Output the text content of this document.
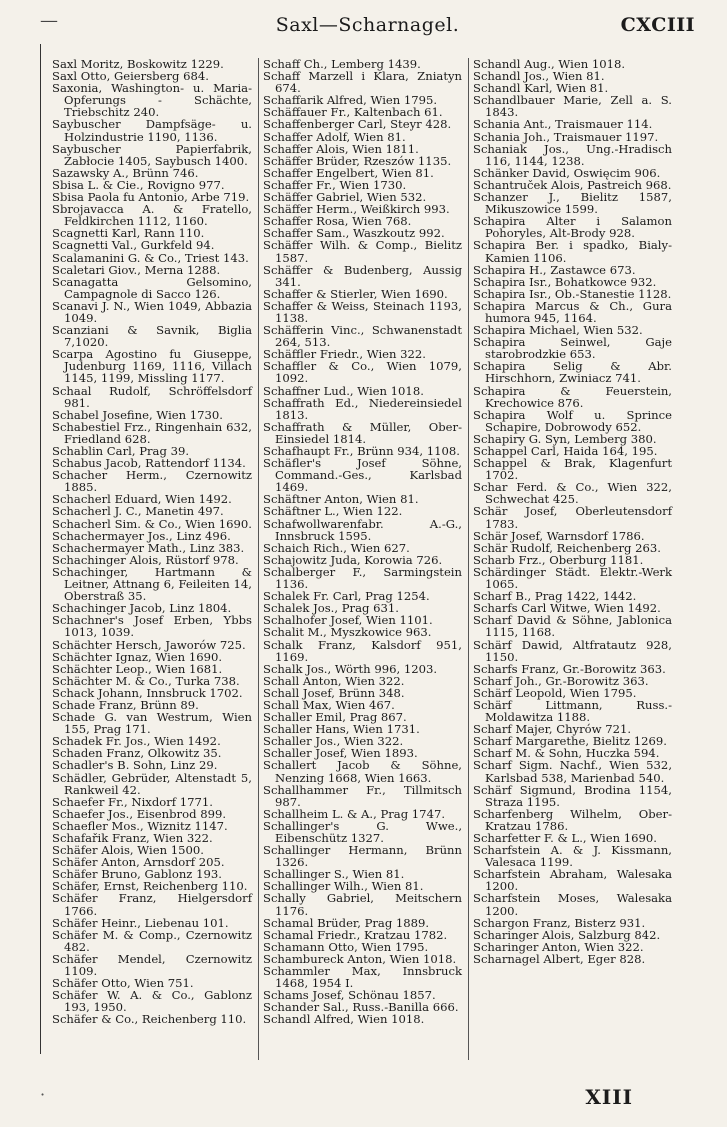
—	Saxl—Scharnagel.	CXCIII
Saxl Moritz, Boskowitz 1229.
Saxl Otto, Geiersberg 684.
Saxonia, Washington- u. Maria-Opferungs - Schächte, Triebschitz 240.
Saybuscher Dampfsäge- u. Holzindustrie 1190, 1136.
Saybuscher Papierfabrik, Zabłocie 1405, Saybusch 1400.
Sazawsky A., Brünn 746.
Sbisa L. & Cie., Rovigno 977.
Sbisa Paola fu Antonio, Arbe 719.
Sbrojavacca A. & Fratello, Feldkirchen 1112, 1160.
Scagnetti Karl, Rann 110.
Scagnetti Val., Gurkfeld 94.
Scalamanini G. & Co., Triest 143.
Scaletari Giov., Merna 1288.
Scanagatta Gelsomino, Campagnole di Sacco 126.
Scanavi J. N., Wien 1049, Abbazia 1049.
Scanziani & Savnik, Biglia 7,1020.
Scarpa Agostino fu Giuseppe, Judenburg 1169, 1116, Villach 1145, 1199, Missling 1177.
Schaal Rudolf, Schröffelsdorf 981.
Schabel Josefine, Wien 1730.
Schabestiel Frz., Ringenhain 632, Friedland 628.
Schablin Carl, Prag 39.
Schabus Jacob, Rattendorf 1134.
Schacher Herm., Czernowitz 1885.
Schacherl Eduard, Wien 1492.
Schacherl J. C., Manetin 497.
Schacherl Sim. & Co., Wien 1690.
Schachermayer Jos., Linz 496.
Schachermayer Math., Linz 383.
Schachinger Alois, Rüstorf 978.
Schachinger, Hartmann & Leitner, Attnang 6, Feileiten 14, Oberstraß 35.
Schachinger Jacob, Linz 1804.
Schachner's Josef Erben, Ybbs 1013, 1039.
Schächter Hersch, Jaworów 725.
Schächter Ignaz, Wien 1690.
Schächter Leop., Wien 1681.
Schächter M. & Co., Turka 738.
Schack Johann, Innsbruck 1702.
Schade Franz, Brünn 89.
Schade G. van Westrum, Wien 155, Prag 171.
Schadek Fr. Jos., Wien 1492.
Schaden Franz, Olkowitz 35.
Schadler's B. Sohn, Linz 29.
Schädler, Gebrüder, Altenstadt 5, Rankweil 42.
Schaefer Fr., Nixdorf 1771.
Schaefer Jos., Eisenbrod 899.
Schaefler Mos., Wiznitz 1147.
Schafařik Franz, Wien 322.
Schäfer Alois, Wien 1500.
Schäfer Anton, Arnsdorf 205.
Schäfer Bruno, Gablonz 193.
Schäfer, Ernst, Reichenberg 110.
Schäfer Franz, Hielgersdorf 1766.
Schäfer Heinr., Liebenau 101.
Schäfer M. & Comp., Czernowitz 482.
Schäfer Mendel, Czernowitz 1109.
Schäfer Otto, Wien 751.
Schäfer W. A. & Co., Gablonz 193, 1950.
Schäfer & Co., Reichenberg 110.
Schaff Ch., Lemberg 1439.
Schaff Marzell i Klara, Zniatyn 674.
Schaffarik Alfred, Wien 1795.
Schäffauer Fr., Kaltenbach 61.
Schaffenberger Carl, Steyr 428.
Schaffer Adolf, Wien 81.
Schaffer Alois, Wien 1811.
Schäffer Brüder, Rzeszów 1135.
Schaffer Engelbert, Wien 81.
Schaffer Fr., Wien 1730.
Schäffer Gabriel, Wien 532.
Schäffer Herm., Weißkirch 993.
Schaffer Rosa, Wien 768.
Schaffer Sam., Waszkoutz 992.
Schäffer Wilh. & Comp., Bielitz 1587.
Schäffer & Budenberg, Aussig 341.
Schaffer & Stierler, Wien 1690.
Schaffer & Weiss, Steinach 1193, 1138.
Schäfferin Vinc., Schwanenstadt 264, 513.
Schäffler Friedr., Wien 322.
Schaffler & Co., Wien 1079, 1092.
Schaffner Lud., Wien 1018.
Schaffrath Ed., Niedereinsiedel 1813.
Schaffrath & Müller, Ober-Einsiedel 1814.
Schafhaupt Fr., Brünn 934, 1108.
Schäfler's Josef Söhne, Command.-Ges., Karlsbad 1469.
Schäftner Anton, Wien 81.
Schäftner L., Wien 122.
Schafwollwarenfabr. A.-G., Innsbruck 1595.
Schaich Rich., Wien 627.
Schajowitz Juda, Korowia 726.
Schalberger F., Sarmingstein 1136.
Schalek Fr. Carl, Prag 1254.
Schalek Jos., Prag 631.
Schalhofer Josef, Wien 1101.
Schalit M., Myszkowice 963.
Schalk Franz, Kalsdorf 951, 1169.
Schalk Jos., Wörth 996, 1203.
Schall Anton, Wien 322.
Schall Josef, Brünn 348.
Schall Max, Wien 467.
Schaller Emil, Prag 867.
Schaller Hans, Wien 1731.
Schaller Jos., Wien 322.
Schaller Josef, Wien 1893.
Schallert Jacob & Söhne, Nenzing 1668, Wien 1663.
Schallhammer Fr., Tillmitsch 987.
Schallheim L. & A., Prag 1747.
Schallinger's G. Wwe., Eibenschütz 1327.
Schallinger Hermann, Brünn 1326.
Schallinger S., Wien 81.
Schallinger Wilh., Wien 81.
Schally Gabriel, Meitschern 1176.
Schamal Brüder, Prag 1889.
Schamal Friedr., Kratzau 1782.
Schamann Otto, Wien 1795.
Schambureck Anton, Wien 1018.
Schammler Max, Innsbruck 1468, 1954 I.
Schams Josef, Schönau 1857.
Schander Sal., Russ.-Banilla 666.
Schandl Alfred, Wien 1018.
Schandl Aug., Wien 1018.
Schandl Jos., Wien 81.
Schandl Karl, Wien 81.
Schandlbauer Marie, Zell a. S. 1843.
Schania Ant., Traismauer 114.
Schania Joh., Traismauer 1197.
Schaniak Jos., Ung.-Hradisch 116, 1144, 1238.
Schänker David, Oswięcim 906.
Schantruček Alois, Pastreich 968.
Schanzer J., Bielitz 1587, Mikuszowice 1599.
Schapira Alter i Salamon Pohoryles, Alt-Brody 928.
Schapira Ber. i spadko, Bialy-Kamien 1106.
Schapira H., Zastawce 673.
Schapira Isr., Bohatkowce 932.
Schapira Isr., Ob.-Stanestie 1128.
Schapira Marcus & Ch., Gura humora 945, 1164.
Schapira Michael, Wien 532.
Schapira Seinwel, Gaje starobrodzkie 653.
Schapira Selig & Abr. Hirschhorn, Zwiniacz 741.
Schapira & Feuerstein, Krechowice 876.
Schapira Wolf u. Sprince Schapire, Dobrowody 652.
Schapiry G. Syn, Lemberg 380.
Schappel Carl, Haida 164, 195.
Schappel & Brak, Klagenfurt 1702.
Schar Ferd. & Co., Wien 322, Schwechat 425.
Schär Josef, Oberleutensdorf 1783.
Schär Josef, Warnsdorf 1786.
Schär Rudolf, Reichenberg 263.
Scharb Frz., Oberburg 1181.
Schärdinger Städt. Elektr.-Werk 1065.
Scharf B., Prag 1422, 1442.
Scharfs Carl Witwe, Wien 1492.
Scharf David & Söhne, Jablonica 1115, 1168.
Schärf Dawid, Altfratautz 928, 1150.
Scharfs Franz, Gr.-Borowitz 363.
Scharf Joh., Gr.-Borowitz 363.
Schärf Leopold, Wien 1795.
Schärf Littmann, Russ.-Moldawitza 1188.
Scharf Majer, Chyrów 721.
Scharf Margarethe, Bielitz 1269.
Scharf M. & Sohn, Huczka 594.
Scharf Sigm. Nachf., Wien 532, Karlsbad 538, Marienbad 540.
Schärf Sigmund, Brodina 1154, Straza 1195.
Scharfenberg Wilhelm, Ober-Kratzau 1786.
Scharfetter F. & L., Wien 1690.
Scharfstein A. & J. Kissmann, Valesaca 1199.
Scharfstein Abraham, Walesaka 1200.
Scharfstein Moses, Walesaka 1200.
Schargon Franz, Bisterz 931.
Scharinger Alois, Salzburg 842.
Scharinger Anton, Wien 322.
Scharnagel Albert, Eger 828.
·	XIII
